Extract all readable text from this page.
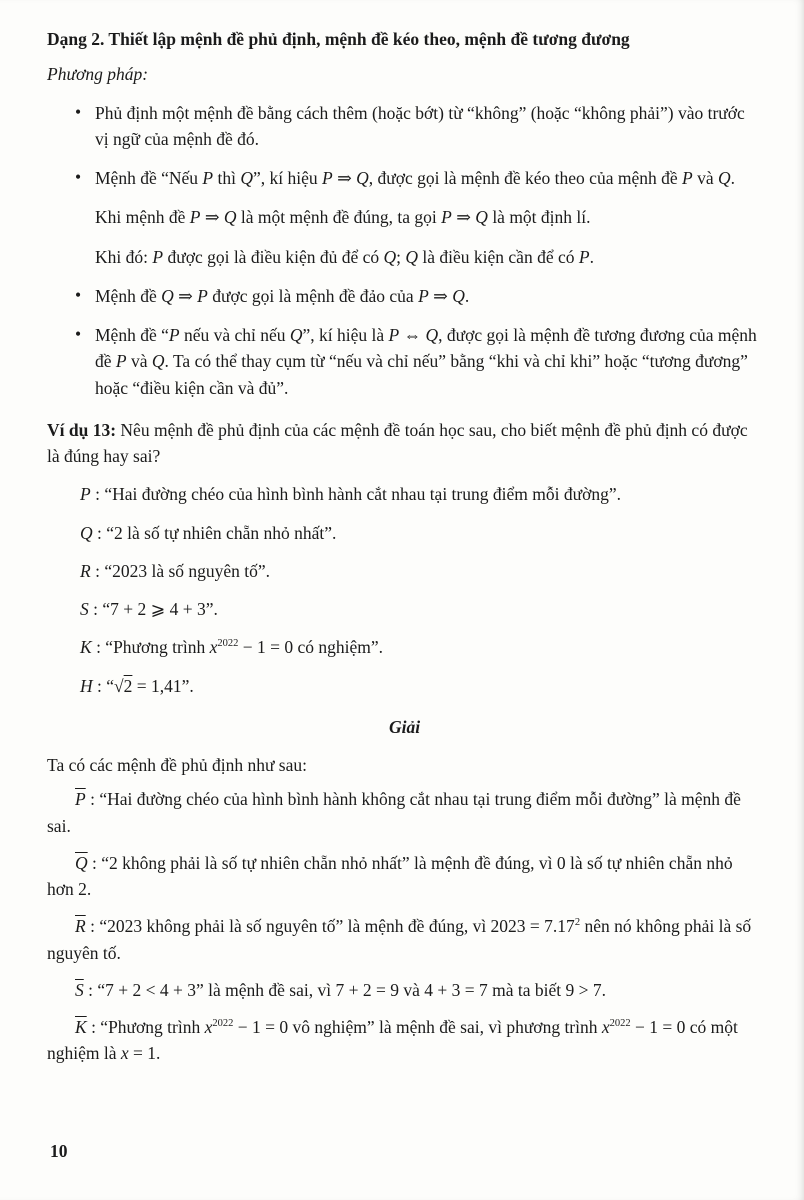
Dạng 2. Thiết lập mệnh đề phủ định, mệnh đề kéo theo, mệnh đề tương đương
Phương pháp:
• Phủ định một mệnh đề bằng cách thêm (hoặc bớt) từ “không” (hoặc “không phải”) vào trước vị ngữ của mệnh đề đó.
• Mệnh đề “Nếu P thì Q”, kí hiệu P ⇒ Q, được gọi là mệnh đề kéo theo của mệnh đề P và Q.
Khi mệnh đề P ⇒ Q là một mệnh đề đúng, ta gọi P ⇒ Q là một định lí.
Khi đó: P được gọi là điều kiện đủ để có Q; Q là điều kiện cần để có P.
• Mệnh đề Q ⇒ P được gọi là mệnh đề đảo của P ⇒ Q.
• Mệnh đề “P nếu và chỉ nếu Q”, kí hiệu là P ⇔ Q, được gọi là mệnh đề tương đương của mệnh đề P và Q. Ta có thể thay cụm từ “nếu và chỉ nếu” bằng “khi và chỉ khi” hoặc “tương đương” hoặc “điều kiện cần và đủ”.
Ví dụ 13: Nêu mệnh đề phủ định của các mệnh đề toán học sau, cho biết mệnh đề phủ định có được là đúng hay sai?
P : “Hai đường chéo của hình bình hành cắt nhau tại trung điểm mỗi đường”.
Q : “2 là số tự nhiên chẵn nhỏ nhất”.
R : “2023 là số nguyên tố”.
S : “7 + 2 ⩾ 4 + 3”.
K : “Phương trình $x^{2022} - 1 = 0$ có nghiệm”.
H : “√2 = 1,41”.
Giải
Ta có các mệnh đề phủ định như sau:
$\overline{P}$ : “Hai đường chéo của hình bình hành không cắt nhau tại trung điểm mỗi đường” là mệnh đề sai.
$\overline{Q}$ : “2 không phải là số tự nhiên chẵn nhỏ nhất” là mệnh đề đúng, vì 0 là số tự nhiên chẵn nhỏ hơn 2.
$\overline{R}$ : “2023 không phải là số nguyên tố” là mệnh đề đúng, vì $2023 = 7.17^2$ nên nó không phải là số nguyên tố.
$\overline{S}$ : “7 + 2 < 4 + 3” là mệnh đề sai, vì 7 + 2 = 9 và 4 + 3 = 7 mà ta biết 9 > 7.
$\overline{K}$ : “Phương trình $x^{2022} - 1 = 0$ vô nghiệm” là mệnh đề sai, vì phương trình $x^{2022} - 1 = 0$ có một nghiệm là x = 1.
10
